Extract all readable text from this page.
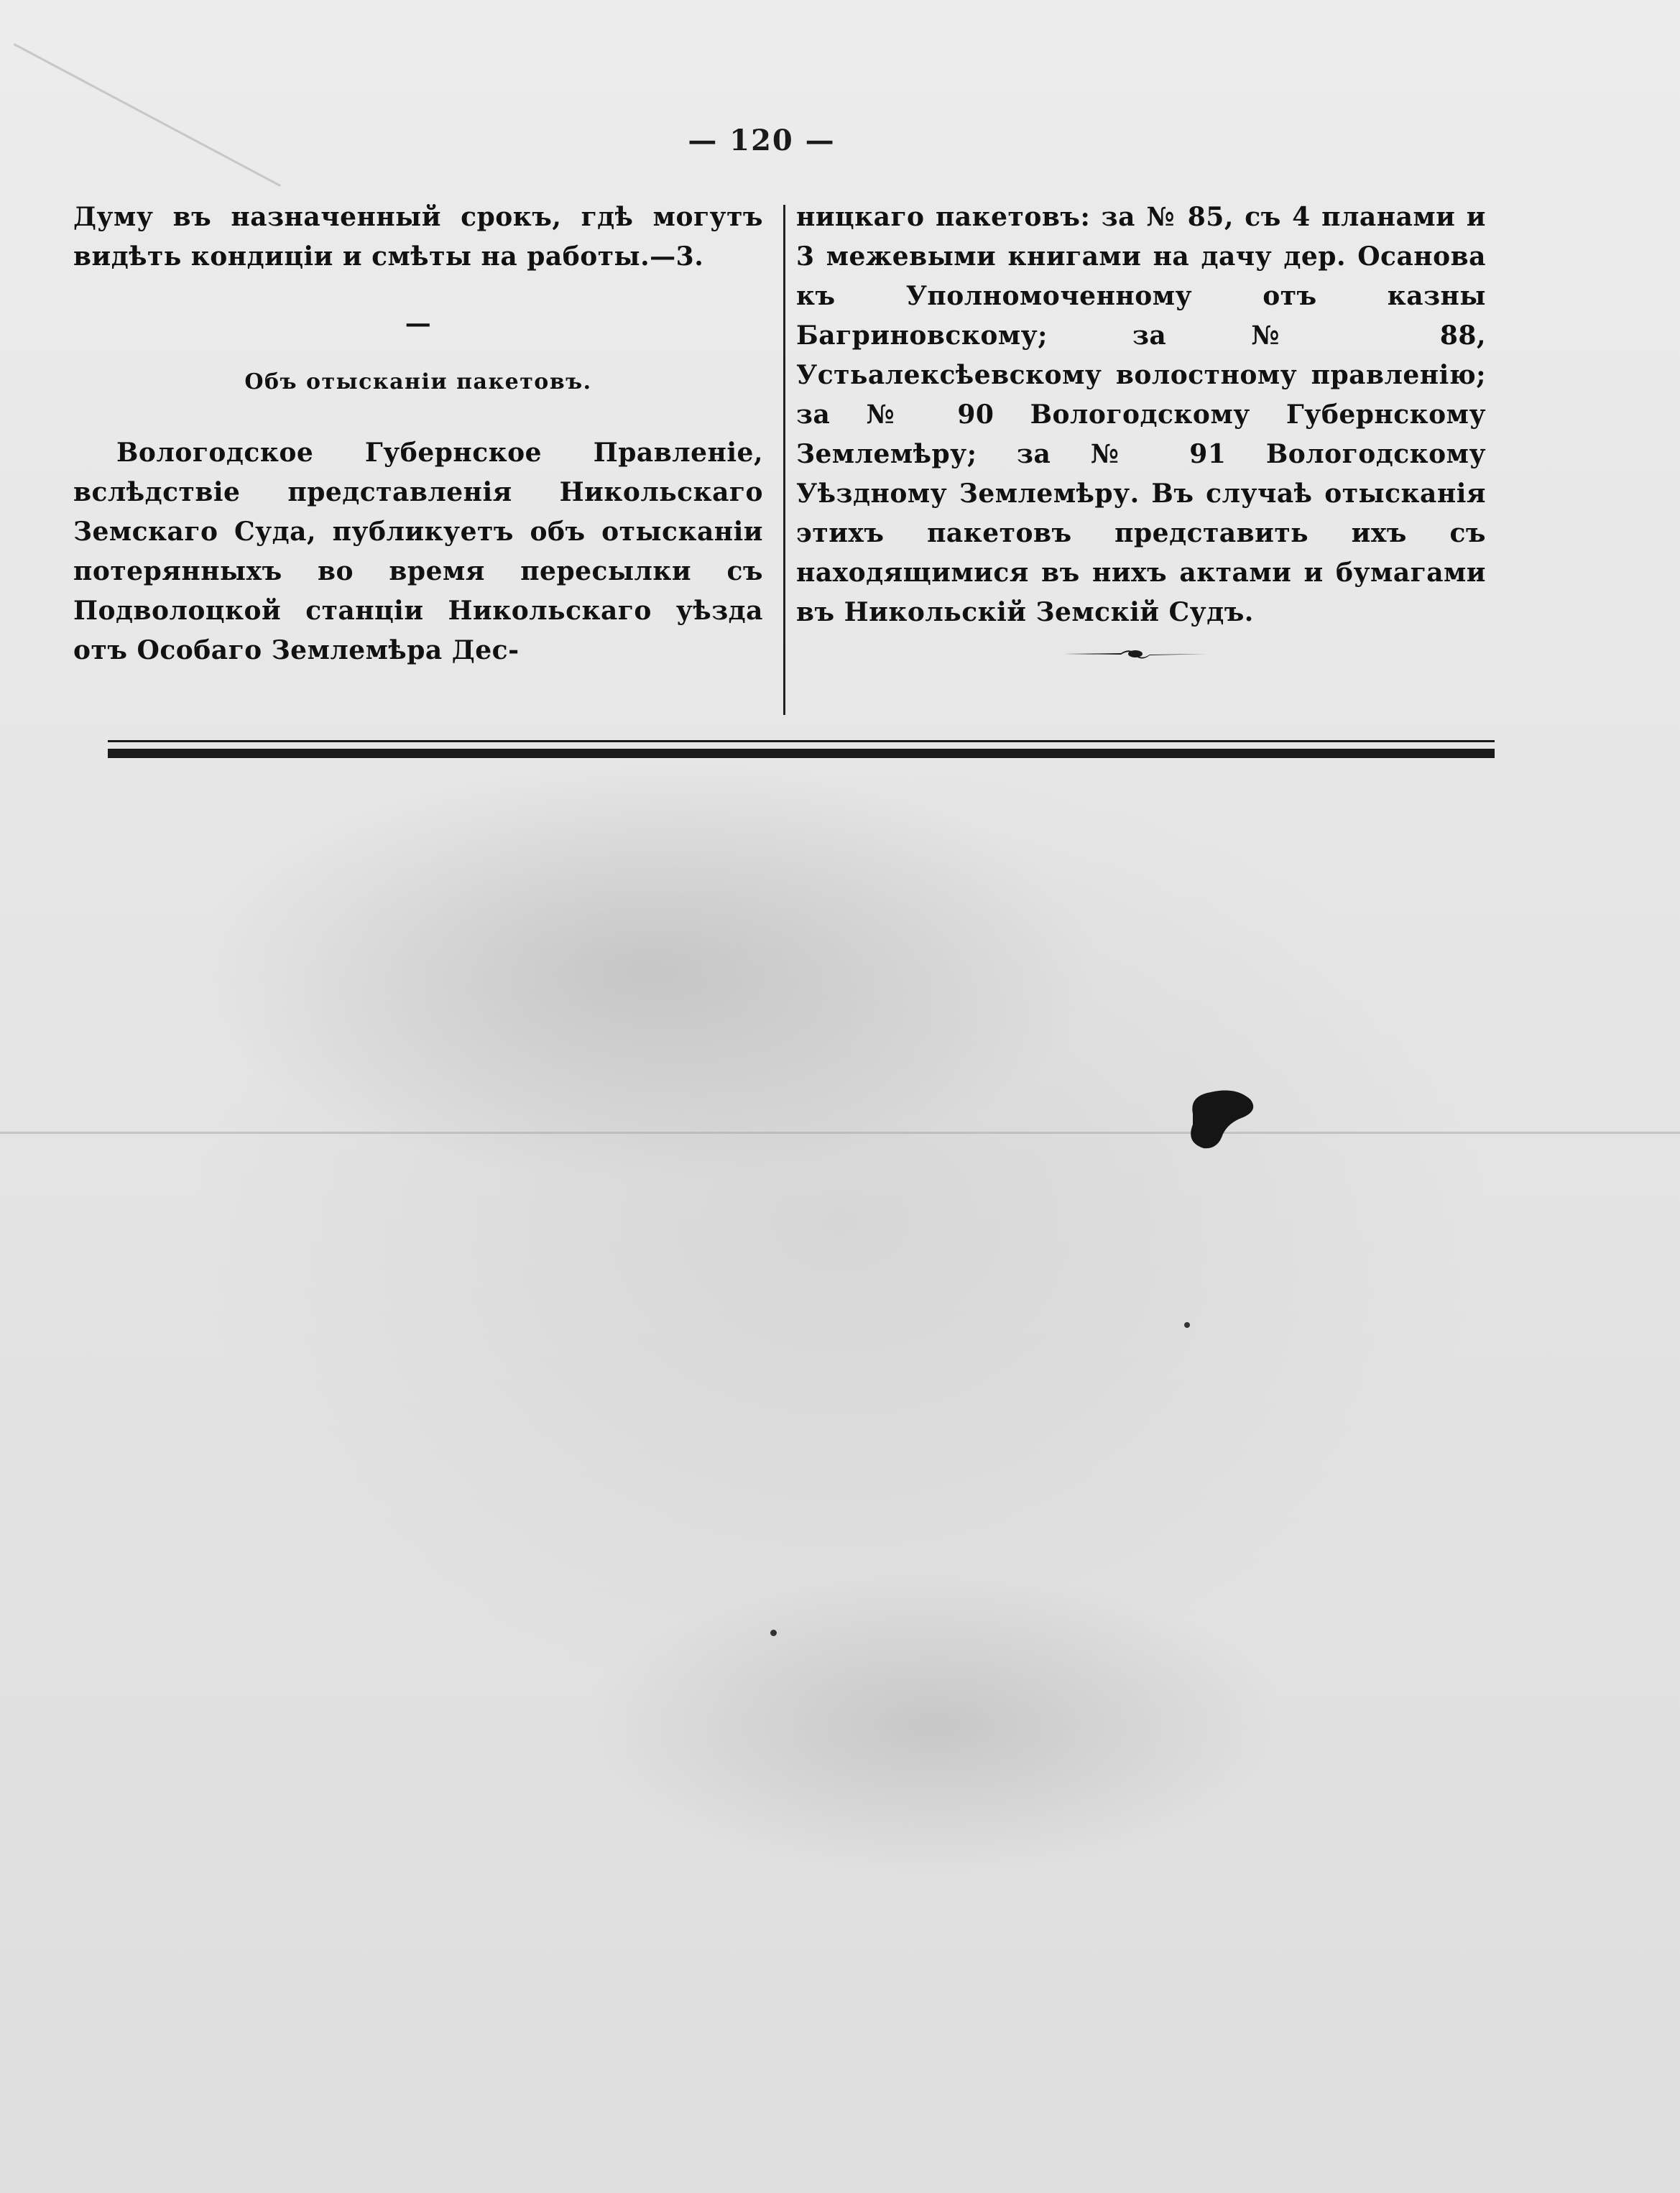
— 120 —

Думу въ назначенный срокъ, гдѣ могутъ видѣть кондиціи и смѣты на работы.—3.

—

Объ отысканіи пакетовъ.

Вологодское Губернское Правленіе, вслѣдствіе представленія Никольскаго Земскаго Суда, публикуетъ объ отысканіи потерянныхъ во время пересылки съ Подволоцкой станціи Никольскаго уѣзда отъ Особаго Землемѣра Дес-

ницкаго пакетовъ: за № 85, съ 4 планами и 3 межевыми книгами на дачу дер. Осанова къ Уполномоченному отъ казны Багриновскому; за № 88, Устьалексѣевскому волостному правленію; за № 90 Вологодскому Губернскому Землемѣру; за № 91 Вологодскому Уѣздному Землемѣру. Въ случаѣ отысканія этихъ пакетовъ представить ихъ съ находящимися въ нихъ актами и бумагами въ Никольскій Земскій Судъ.
